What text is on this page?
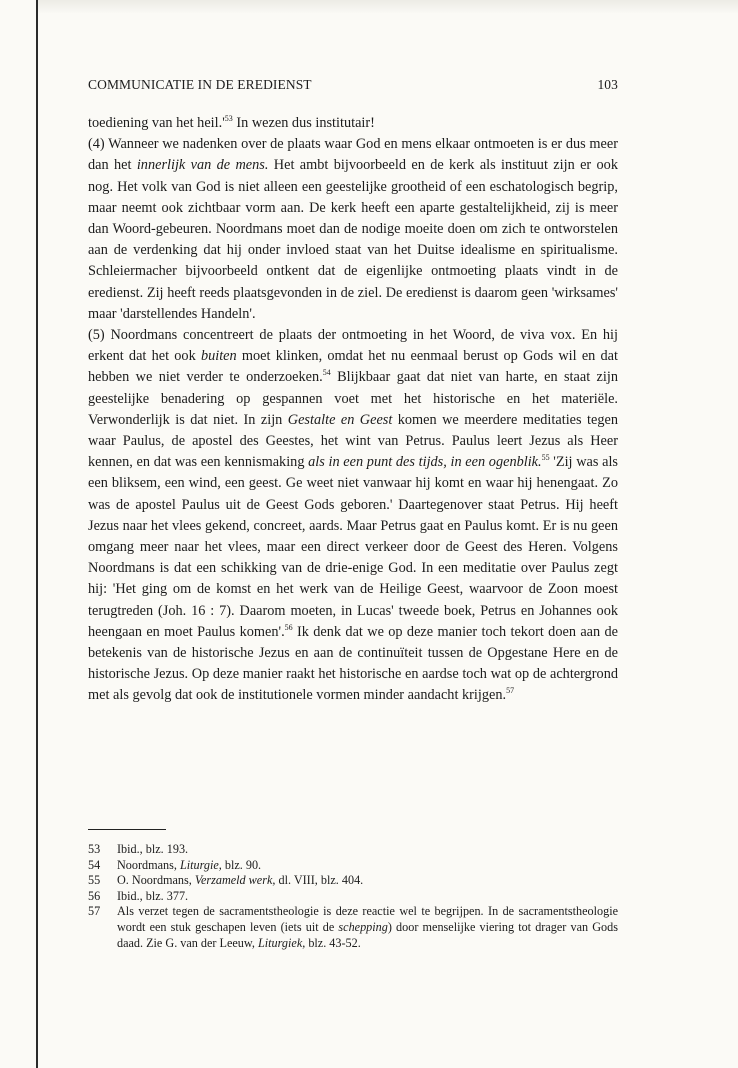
COMMUNICATIE IN DE EREDIENST	103

toediening van het $heil.'^{53}$ In wezen dus institutair!

(4) Wanneer we nadenken over de plaats waar God en mens elkaar ontmoeten is er dus meer dan het innerlijk van de mens. Het ambt bijvoorbeeld en de kerk als instituut zijn er ook nog. Het volk van God is niet alleen een geestelijke grootheid of een eschatologisch begrip, maar neemt ook zichtbaar vorm aan. De kerk heeft een aparte gestaltelijkheid, zij is meer dan Woord-gebeuren. Noordmans moet dan de nodige moeite doen om zich te ontworstelen aan de verdenking dat hij onder invloed staat van het Duitse idealisme en spiritualisme. Schleiermacher bijvoorbeeld ontkent dat de eigenlijke ontmoeting plaats vindt in de eredienst. Zij heeft reeds plaatsgevonden in de ziel. De eredienst is daarom geen 'wirksames' maar 'darstellendes Handeln'.

(5) Noordmans concentreert de plaats der ontmoeting in het Woord, de viva vox. En hij erkent dat het ook buiten moet klinken, omdat het nu eenmaal berust op Gods wil en dat hebben we niet verder te onderzoeken.$^{54}$ Blijkbaar gaat dat niet van harte, en staat zijn geestelijke benadering op gespannen voet met het historische en het materiële. Verwonderlijk is dat niet. In zijn Gestalte en Geest komen we meerdere meditaties tegen waar Paulus, de apostel des Geestes, het wint van Petrus. Paulus leert Jezus als Heer kennen, en dat was een kennismaking als in een punt des tijds, in een ogenblik.$^{55}$ 'Zij was als een bliksem, een wind, een geest. Ge weet niet vanwaar hij komt en waar hij henengaat. Zo was de apostel Paulus uit de Geest Gods geboren.' Daartegenover staat Petrus. Hij heeft Jezus naar het vlees gekend, concreet, aards. Maar Petrus gaat en Paulus komt. Er is nu geen omgang meer naar het vlees, maar een direct verkeer door de Geest des Heren. Volgens Noordmans is dat een schikking van de drie-enige God. In een meditatie over Paulus zegt hij: 'Het ging om de komst en het werk van de Heilige Geest, waarvoor de Zoon moest terugtreden (Joh. 16 : 7). Daarom moeten, in Lucas' tweede boek, Petrus en Johannes ook heengaan en moet Paulus komen'.$^{56}$ Ik denk dat we op deze manier toch tekort doen aan de betekenis van de historische Jezus en aan de continuïteit tussen de Opgestane Here en de historische Jezus. Op deze manier raakt het historische en aardse toch wat op de achtergrond met als gevolg dat ook de institutionele vormen minder aandacht krijgen.$^{57}$

53 Ibid., blz. 193.

54 Noordmans, Liturgie, blz. 90.

55 O. Noordmans, Verzameld werk, dl. VIII, blz. 404.

56 Ibid., blz. 377.

57 Als verzet tegen de sacramentstheologie is deze reactie wel te begrijpen. In de sacramentstheologie wordt een stuk geschapen leven (iets uit de schepping) door menselijke viering tot drager van Gods daad. Zie G. van der Leeuw, Liturgiek, blz. 43-52.
